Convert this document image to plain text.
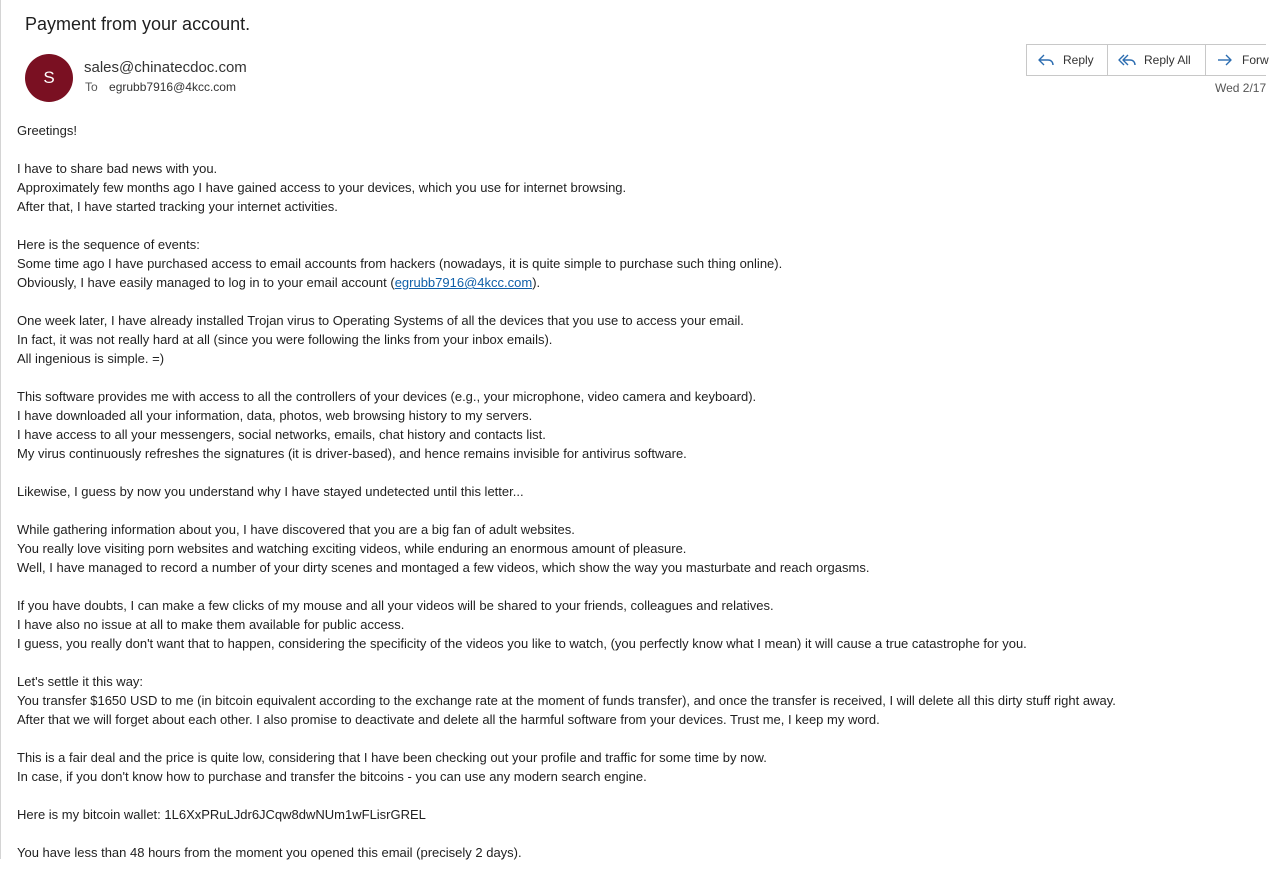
Payment from your account.
S
sales@chinatecdoc.com
To egrubb7916@4kcc.com
Reply	Reply All	Forw
Wed 2/17

Greetings!

I have to share bad news with you.
Approximately few months ago I have gained access to your devices, which you use for internet browsing.
After that, I have started tracking your internet activities.

Here is the sequence of events:
Some time ago I have purchased access to email accounts from hackers (nowadays, it is quite simple to purchase such thing online).
Obviously, I have easily managed to log in to your email account (egrubb7916@4kcc.com).

One week later, I have already installed Trojan virus to Operating Systems of all the devices that you use to access your email.
In fact, it was not really hard at all (since you were following the links from your inbox emails).
All ingenious is simple. =)

This software provides me with access to all the controllers of your devices (e.g., your microphone, video camera and keyboard).
I have downloaded all your information, data, photos, web browsing history to my servers.
I have access to all your messengers, social networks, emails, chat history and contacts list.
My virus continuously refreshes the signatures (it is driver-based), and hence remains invisible for antivirus software.

Likewise, I guess by now you understand why I have stayed undetected until this letter...

While gathering information about you, I have discovered that you are a big fan of adult websites.
You really love visiting porn websites and watching exciting videos, while enduring an enormous amount of pleasure.
Well, I have managed to record a number of your dirty scenes and montaged a few videos, which show the way you masturbate and reach orgasms.

If you have doubts, I can make a few clicks of my mouse and all your videos will be shared to your friends, colleagues and relatives.
I have also no issue at all to make them available for public access.
I guess, you really don't want that to happen, considering the specificity of the videos you like to watch, (you perfectly know what I mean) it will cause a true catastrophe for you.

Let's settle it this way:
You transfer $1650 USD to me (in bitcoin equivalent according to the exchange rate at the moment of funds transfer), and once the transfer is received, I will delete all this dirty stuff right away.
After that we will forget about each other. I also promise to deactivate and delete all the harmful software from your devices. Trust me, I keep my word.

This is a fair deal and the price is quite low, considering that I have been checking out your profile and traffic for some time by now.
In case, if you don't know how to purchase and transfer the bitcoins - you can use any modern search engine.

Here is my bitcoin wallet: 1L6XxPRuLJdr6JCqw8dwNUm1wFLisrGREL

You have less than 48 hours from the moment you opened this email (precisely 2 days).
